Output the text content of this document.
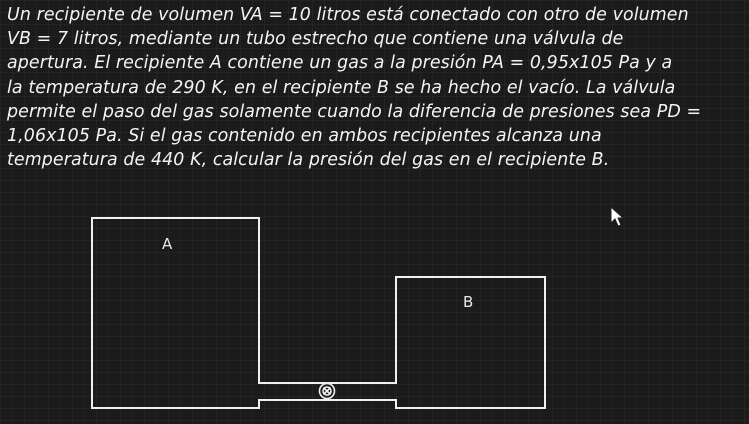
Un recipiente de volumen VA = 10 litros está conectado con otro de volumen
VB = 7 litros, mediante un tubo estrecho que contiene una válvula de
apertura. El recipiente A contiene un gas a la presión PA = 0,95x105 Pa y a
la temperatura de 290 K, en el recipiente B se ha hecho el vacío. La válvula
permite el paso del gas solamente cuando la diferencia de presiones sea PD =
1,06x105 Pa. Si el gas contenido en ambos recipientes alcanza una
temperatura de 440 K, calcular la presión del gas en el recipiente B.
A
B
